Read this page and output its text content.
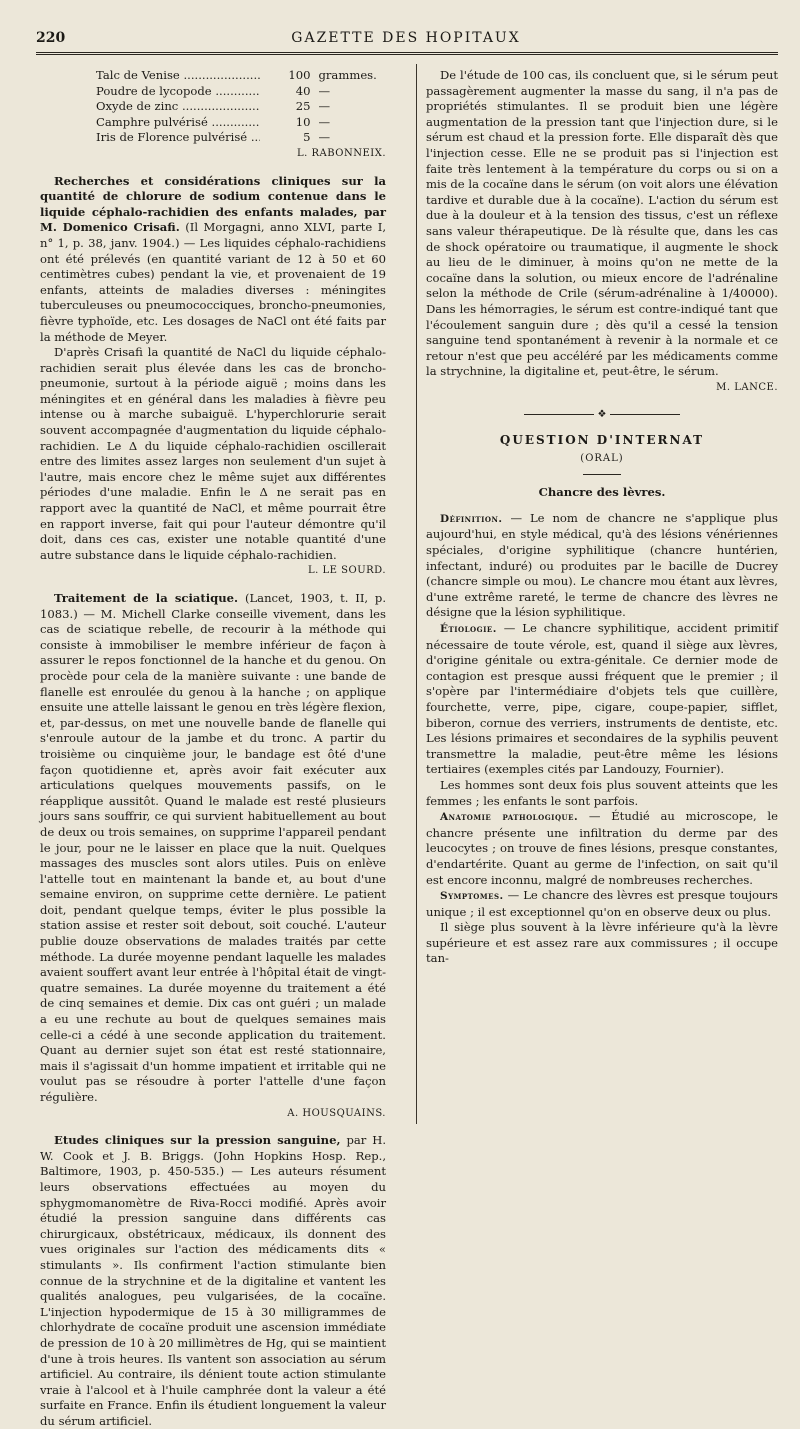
220	GAZETTE DES HOPITAUX
Talc de Venise .....	100 grammes.
Poudre de lycopode .....	40 —
Oxyde de zinc .....	25 —
Camphre pulvérisé .....	10 —
Iris de Florence pulvérisé .....	5 —
L. RABONNEIX.

Recherches et considérations cliniques sur la quantité de chlorure de sodium contenue dans le liquide céphalo-rachidien des enfants malades, par M. Domenico Crisafi. (Il Morgagni, anno XLVI, parte I, n° 1, p. 38, janv. 1904.) — Les liquides céphalo-rachidiens ont été prélevés (en quantité variant de 12 à 50 et 60 centimètres cubes) pendant la vie, et provenaient de 19 enfants, atteints de maladies diverses : méningites tuberculeuses ou pneumococciques, broncho-pneumonies, fièvre typhoïde, etc. Les dosages de NaCl ont été faits par la méthode de Meyer.

D'après Crisafi la quantité de NaCl du liquide céphalo-rachidien serait plus élevée dans les cas de broncho-pneumonie, surtout à la période aiguë ; moins dans les méningites et en général dans les maladies à fièvre peu intense ou à marche subaiguë. L'hyperchlorurie serait souvent accompagnée d'augmentation du liquide céphalo-rachidien. Le Δ du liquide céphalo-rachidien oscillerait entre des limites assez larges non seulement d'un sujet à l'autre, mais encore chez le même sujet aux différentes périodes d'une maladie. Enfin le Δ ne serait pas en rapport avec la quantité de NaCl, et même pourrait être en rapport inverse, fait qui pour l'auteur démontre qu'il doit, dans ces cas, exister une notable quantité d'une autre substance dans le liquide céphalo-rachidien.

L. LE SOURD.

Traitement de la sciatique. (Lancet, 1903, t. II, p. 1083.) — M. Michell Clarke conseille vivement, dans les cas de sciatique rebelle, de recourir à la méthode qui consiste à immobiliser le membre inférieur de façon à assurer le repos fonctionnel de la hanche et du genou. On procède pour cela de la manière suivante : une bande de flanelle est enroulée du genou à la hanche ; on applique ensuite une attelle laissant le genou en très légère flexion, et, par-dessus, on met une nouvelle bande de flanelle qui s'enroule autour de la jambe et du tronc. A partir du troisième ou cinquième jour, le bandage est ôté d'une façon quotidienne et, après avoir fait exécuter aux articulations quelques mouvements passifs, on le réapplique aussitôt. Quand le malade est resté plusieurs jours sans souffrir, ce qui survient habituellement au bout de deux ou trois semaines, on supprime l'appareil pendant le jour, pour ne le laisser en place que la nuit. Quelques massages des muscles sont alors utiles. Puis on enlève l'attelle tout en maintenant la bande et, au bout d'une semaine environ, on supprime cette dernière. Le patient doit, pendant quelque temps, éviter le plus possible la station assise et rester soit debout, soit couché. L'auteur publie douze observations de malades traités par cette méthode. La durée moyenne pendant laquelle les malades avaient souffert avant leur entrée à l'hôpital était de vingt-quatre semaines. La durée moyenne du traitement a été de cinq semaines et demie. Dix cas ont guéri ; un malade a eu une rechute au bout de quelques semaines mais celle-ci a cédé à une seconde application du traitement. Quant au dernier sujet son état est resté stationnaire, mais il s'agissait d'un homme impatient et irritable qui ne voulut pas se résoudre à porter l'attelle d'une façon régulière.

A. HOUSQUAINS.

Etudes cliniques sur la pression sanguine, par H. W. Cook et J. B. Briggs. (John Hopkins Hosp. Rep., Baltimore, 1903, p. 450-535.) — Les auteurs résument leurs observations effectuées au moyen du sphygmomanomètre de Riva-Rocci modifié. Après avoir étudié la pression sanguine dans différents cas chirurgicaux, obstétricaux, médicaux, ils donnent des vues originales sur l'action des médicaments dits « stimulants ». Ils confirment l'action stimulante bien connue de la strychnine et de la digitaline et vantent les qualités analogues, peu vulgarisées, de la cocaïne. L'injection hypodermique de 15 à 30 milligrammes de chlorhydrate de cocaïne produit une ascension immédiate de pression de 10 à 20 millimètres de Hg, qui se maintient d'une à trois heures. Ils vantent son association au sérum artificiel. Au contraire, ils dénient toute action stimulante vraie à l'alcool et à l'huile camphrée dont la valeur a été surfaite en France. Enfin ils étudient longuement la valeur du sérum artificiel.

De l'étude de 100 cas, ils concluent que, si le sérum peut passagèrement augmenter la masse du sang, il n'a pas de propriétés stimulantes. Il se produit bien une légère augmentation de la pression tant que l'injection dure, si le sérum est chaud et la pression forte. Elle disparaît dès que l'injection cesse. Elle ne se produit pas si l'injection est faite très lentement à la température du corps ou si on a mis de la cocaïne dans le sérum (on voit alors une élévation tardive et durable due à la cocaïne). L'action du sérum est due à la douleur et à la tension des tissus, c'est un réflexe sans valeur thérapeutique. De là résulte que, dans les cas de shock opératoire ou traumatique, il augmente le shock au lieu de le diminuer, à moins qu'on ne mette de la cocaïne dans la solution, ou mieux encore de l'adrénaline selon la méthode de Crile (sérum-adrénaline à 1/40000). Dans les hémorragies, le sérum est contre-indiqué tant que l'écoulement sanguin dure ; dès qu'il a cessé la tension sanguine tend spontanément à revenir à la normale et ce retour n'est que peu accéléré par les médicaments comme la strychnine, la digitaline et, peut-être, le sérum.

M. LANCE.
❖
QUESTION D'INTERNAT
(ORAL)
Chancre des lèvres.

Définition. — Le nom de chancre ne s'applique plus aujourd'hui, en style médical, qu'à des lésions vénériennes spéciales, d'origine syphilitique (chancre huntérien, infectant, induré) ou produites par le bacille de Ducrey (chancre simple ou mou). Le chancre mou étant aux lèvres, d'une extrême rareté, le terme de chancre des lèvres ne désigne que la lésion syphilitique.

Étiologie. — Le chancre syphilitique, accident primitif nécessaire de toute vérole, est, quand il siège aux lèvres, d'origine génitale ou extra-génitale. Ce dernier mode de contagion est presque aussi fréquent que le premier ; il s'opère par l'intermédiaire d'objets tels que cuillère, fourchette, verre, pipe, cigare, coupe-papier, sifflet, biberon, cornue des verriers, instruments de dentiste, etc. Les lésions primaires et secondaires de la syphilis peuvent transmettre la maladie, peut-être même les lésions tertiaires (exemples cités par Landouzy, Fournier).

Les hommes sont deux fois plus souvent atteints que les femmes ; les enfants le sont parfois.

Anatomie pathologique. — Étudié au microscope, le chancre présente une infiltration du derme par des leucocytes ; on trouve de fines lésions, presque constantes, d'endartérite. Quant au germe de l'infection, on sait qu'il est encore inconnu, malgré de nombreuses recherches.

Symptomes. — Le chancre des lèvres est presque toujours unique ; il est exceptionnel qu'on en observe deux ou plus.

Il siège plus souvent à la lèvre inférieure qu'à la lèvre supérieure et est assez rare aux commissures ; il occupe tan-
